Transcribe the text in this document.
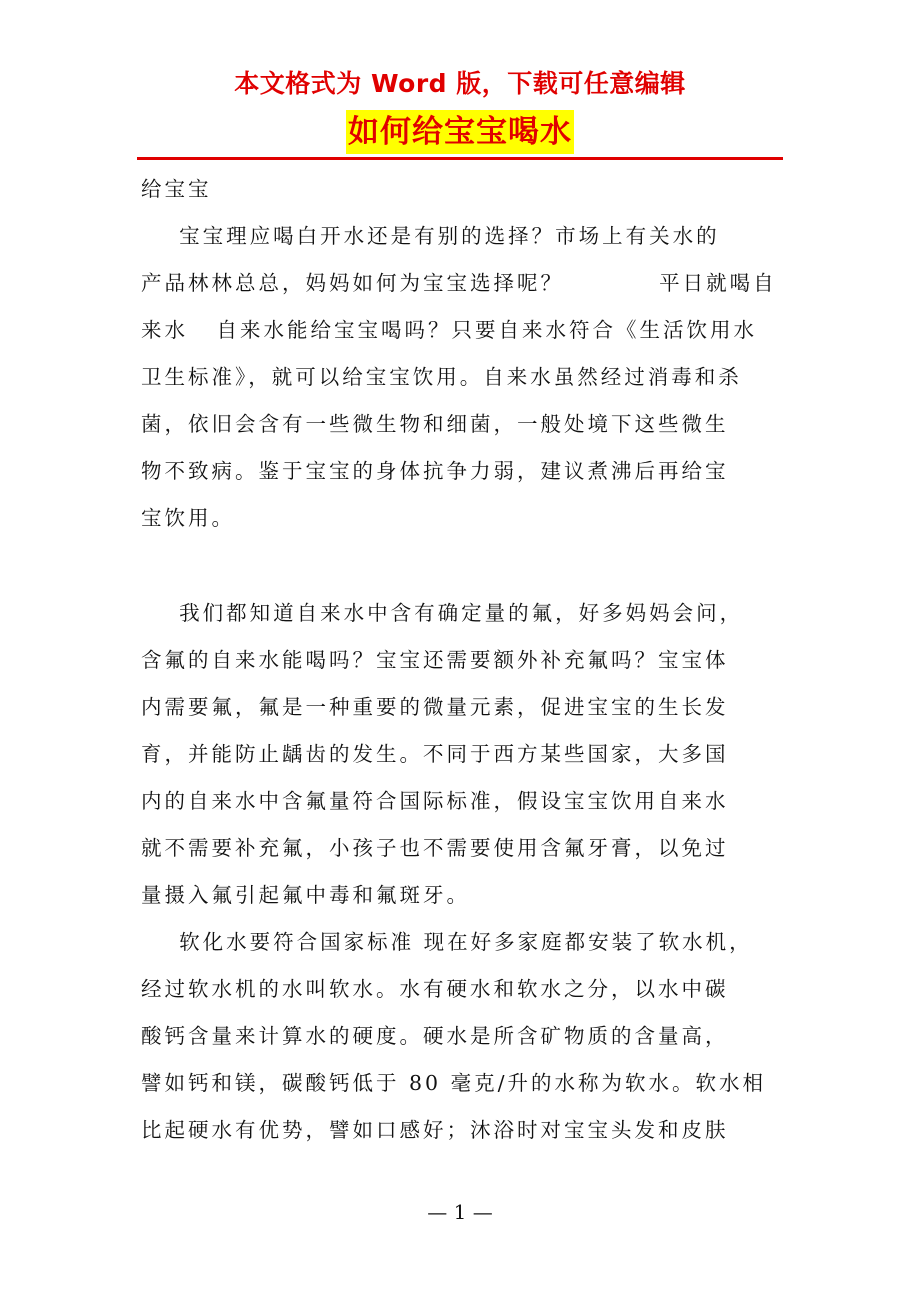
本文格式为 Word 版，下载可任意编辑
如何给宝宝喝水
给宝宝
宝宝理应喝白开水还是有别的选择？市场上有关水的
产品林林总总，妈妈如何为宝宝选择呢？          平日就喝自
来水   自来水能给宝宝喝吗？只要自来水符合《生活饮用水
卫生标准》，就可以给宝宝饮用。自来水虽然经过消毒和杀
菌，依旧会含有一些微生物和细菌，一般处境下这些微生
物不致病。鉴于宝宝的身体抗争力弱，建议煮沸后再给宝
宝饮用。
我们都知道自来水中含有确定量的氟，好多妈妈会问，
含氟的自来水能喝吗？宝宝还需要额外补充氟吗？宝宝体
内需要氟，氟是一种重要的微量元素，促进宝宝的生长发
育，并能防止龋齿的发生。不同于西方某些国家，大多国
内的自来水中含氟量符合国际标准，假设宝宝饮用自来水
就不需要补充氟，小孩子也不需要使用含氟牙膏，以免过
量摄入氟引起氟中毒和氟斑牙。
软化水要符合国家标准 现在好多家庭都安装了软水机，
经过软水机的水叫软水。水有硬水和软水之分，以水中碳
酸钙含量来计算水的硬度。硬水是所含矿物质的含量高，
譬如钙和镁，碳酸钙低于 80 毫克/升的水称为软水。软水相
比起硬水有优势，譬如口感好；沐浴时对宝宝头发和皮肤
— 1 —
